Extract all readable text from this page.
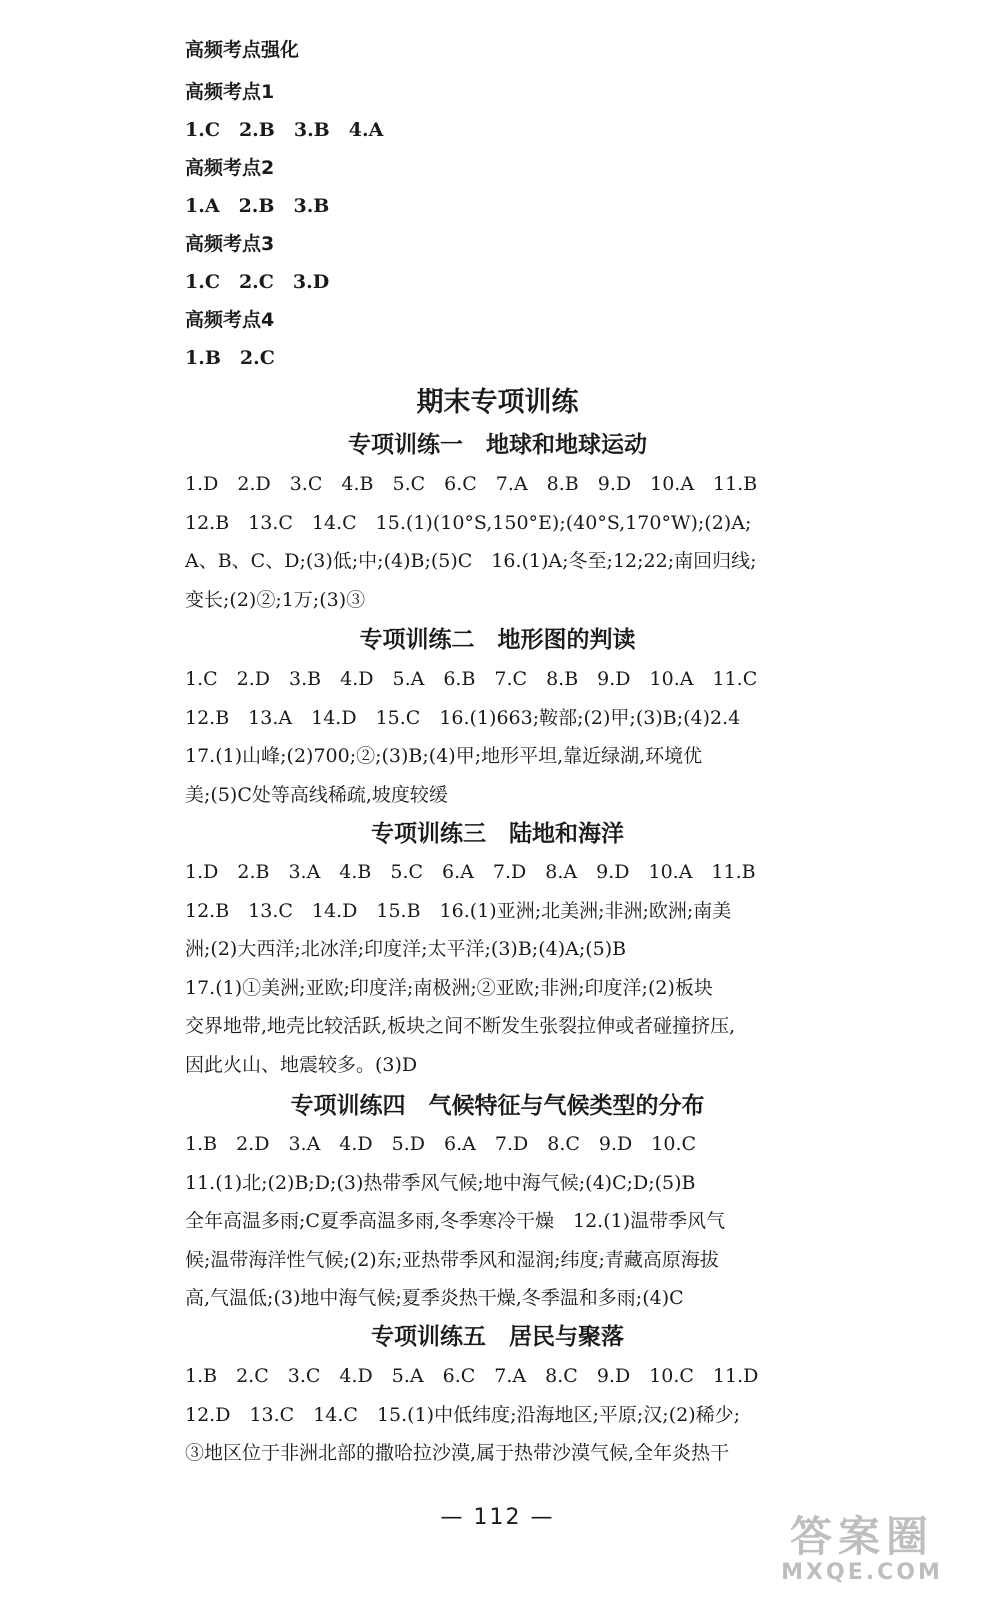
高频考点强化
高频考点1
1.C　2.B　3.B　4.A
高频考点2
1.A　2.B　3.B
高频考点3
1.C　2.C　3.D
高频考点4
1.B　2.C
期末专项训练
专项训练一　地球和地球运动
1.D　2.D　3.C　4.B　5.C　6.C　7.A　8.B　9.D　10.A　11.B
12.B　13.C　14.C　15.(1)(10°S,150°E);(40°S,170°W);(2)A;
A、B、C、D;(3)低;中;(4)B;(5)C　16.(1)A;冬至;12;22;南回归线;
变长;(2)②;1万;(3)③
专项训练二　地形图的判读
1.C　2.D　3.B　4.D　5.A　6.B　7.C　8.B　9.D　10.A　11.C
12.B　13.A　14.D　15.C　16.(1)663;鞍部;(2)甲;(3)B;(4)2.4
17.(1)山峰;(2)700;②;(3)B;(4)甲;地形平坦,靠近绿湖,环境优
美;(5)C处等高线稀疏,坡度较缓
专项训练三　陆地和海洋
1.D　2.B　3.A　4.B　5.C　6.A　7.D　8.A　9.D　10.A　11.B
12.B　13.C　14.D　15.B　16.(1)亚洲;北美洲;非洲;欧洲;南美
洲;(2)大西洋;北冰洋;印度洋;太平洋;(3)B;(4)A;(5)B
17.(1)①美洲;亚欧;印度洋;南极洲;②亚欧;非洲;印度洋;(2)板块
交界地带,地壳比较活跃,板块之间不断发生张裂拉伸或者碰撞挤压,
因此火山、地震较多。(3)D
专项训练四　气候特征与气候类型的分布
1.B　2.D　3.A　4.D　5.D　6.A　7.D　8.C　9.D　10.C
11.(1)北;(2)B;D;(3)热带季风气候;地中海气候;(4)C;D;(5)B
全年高温多雨;C夏季高温多雨,冬季寒冷干燥　12.(1)温带季风气
候;温带海洋性气候;(2)东;亚热带季风和湿润;纬度;青藏高原海拔
高,气温低;(3)地中海气候;夏季炎热干燥,冬季温和多雨;(4)C
专项训练五　居民与聚落
1.B　2.C　3.C　4.D　5.A　6.C　7.A　8.C　9.D　10.C　11.D
12.D　13.C　14.C　15.(1)中低纬度;沿海地区;平原;汉;(2)稀少;
③地区位于非洲北部的撒哈拉沙漠,属于热带沙漠气候,全年炎热干
— 112 —	答案圈
MXQE.COM
